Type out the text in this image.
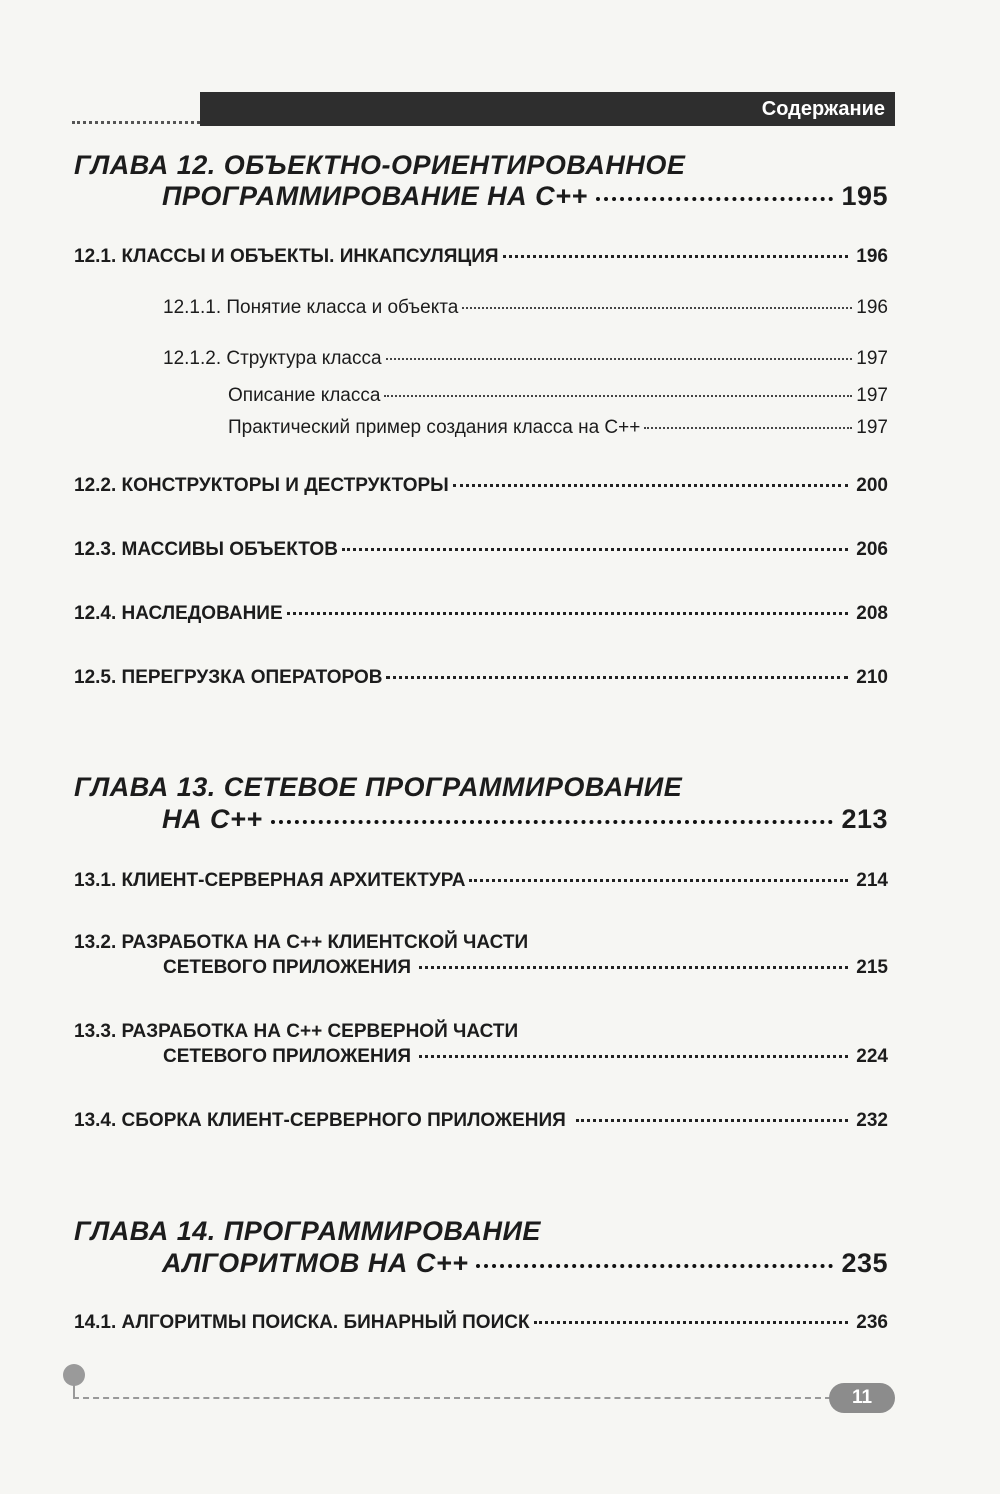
Содержание
ГЛАВА 12. ОБЪЕКТНО-ОРИЕНТИРОВАННОЕ
ПРОГРАММИРОВАНИЕ НА С++	195
12.1. КЛАССЫ И ОБЪЕКТЫ. ИНКАПСУЛЯЦИЯ	196
12.1.1. Понятие класса и объекта	196
12.1.2. Структура класса	197
Описание класса	197
Практический пример создания класса на С++	197
12.2. КОНСТРУКТОРЫ И ДЕСТРУКТОРЫ	200
12.3. МАССИВЫ ОБЪЕКТОВ	206
12.4. НАСЛЕДОВАНИЕ	208
12.5. ПЕРЕГРУЗКА ОПЕРАТОРОВ	210
ГЛАВА 13. СЕТЕВОЕ ПРОГРАММИРОВАНИЕ
НА С++	213
13.1. КЛИЕНТ-СЕРВЕРНАЯ АРХИТЕКТУРА	214
13.2. РАЗРАБОТКА НА С++ КЛИЕНТСКОЙ ЧАСТИ
СЕТЕВОГО ПРИЛОЖЕНИЯ	215
13.3. РАЗРАБОТКА НА С++ СЕРВЕРНОЙ ЧАСТИ
СЕТЕВОГО ПРИЛОЖЕНИЯ	224
13.4. СБОРКА КЛИЕНТ-СЕРВЕРНОГО ПРИЛОЖЕНИЯ	232
ГЛАВА 14. ПРОГРАММИРОВАНИЕ
АЛГОРИТМОВ НА С++	235
14.1. АЛГОРИТМЫ ПОИСКА. БИНАРНЫЙ ПОИСК	236
11
